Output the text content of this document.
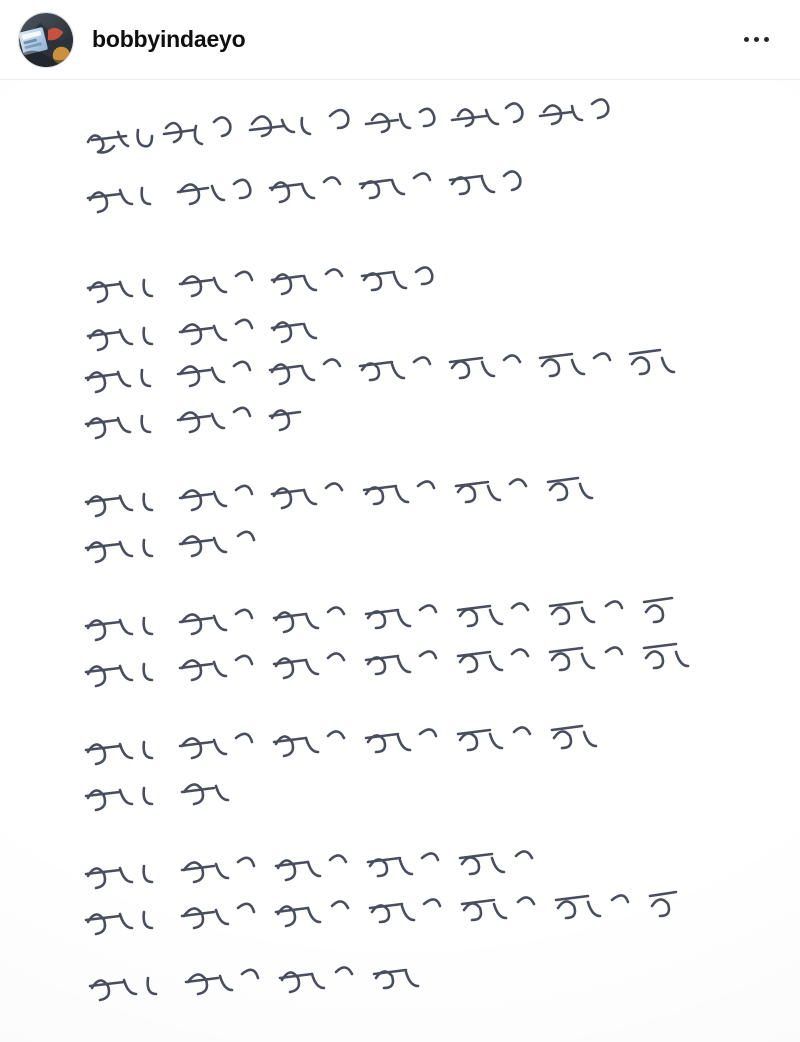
bobbyindaeyo
